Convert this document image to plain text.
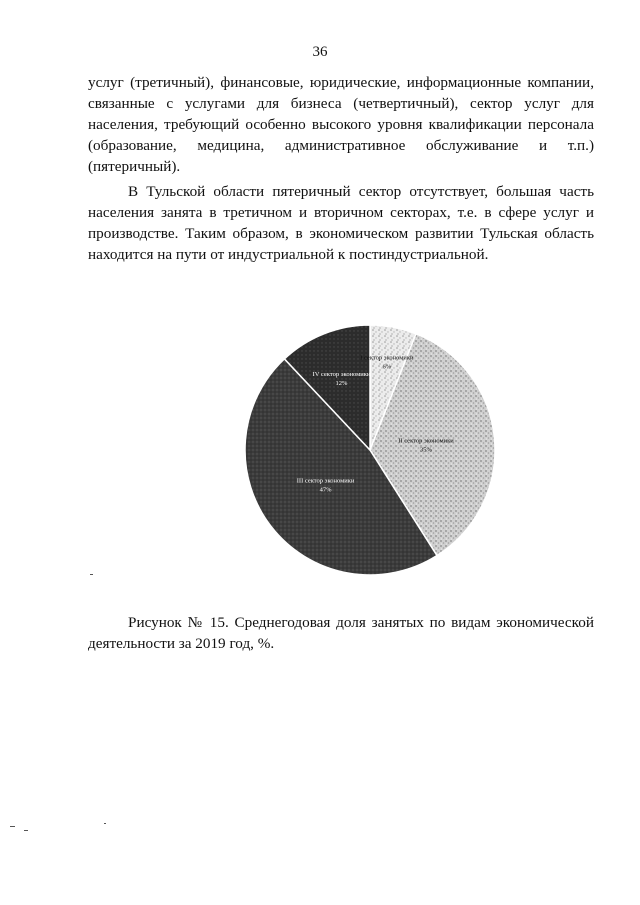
36

услуг (третичный), финансовые, юридические, информационные компании, связанные с услугами для бизнеса (четвертичный), сектор услуг для населения, требующий особенно высокого уровня квалификации персонала (образование, медицина, административное обслуживание и т.п.) (пятеричный).

В Тульской области пятеричный сектор отсутствует, большая часть населения занята в третичном и вторичном секторах, т.е. в сфере услуг и производстве. Таким образом, в экономическом развитии Тульская область находится на пути от индустриальной к постиндустриальной.

I сектор экономики
6%
II сектор экономики
35%
III сектор экономики
47%
IV сектор экономики
12%

Рисунок № 15. Среднегодовая доля занятых по видам экономической деятельности за 2019 год, %.
